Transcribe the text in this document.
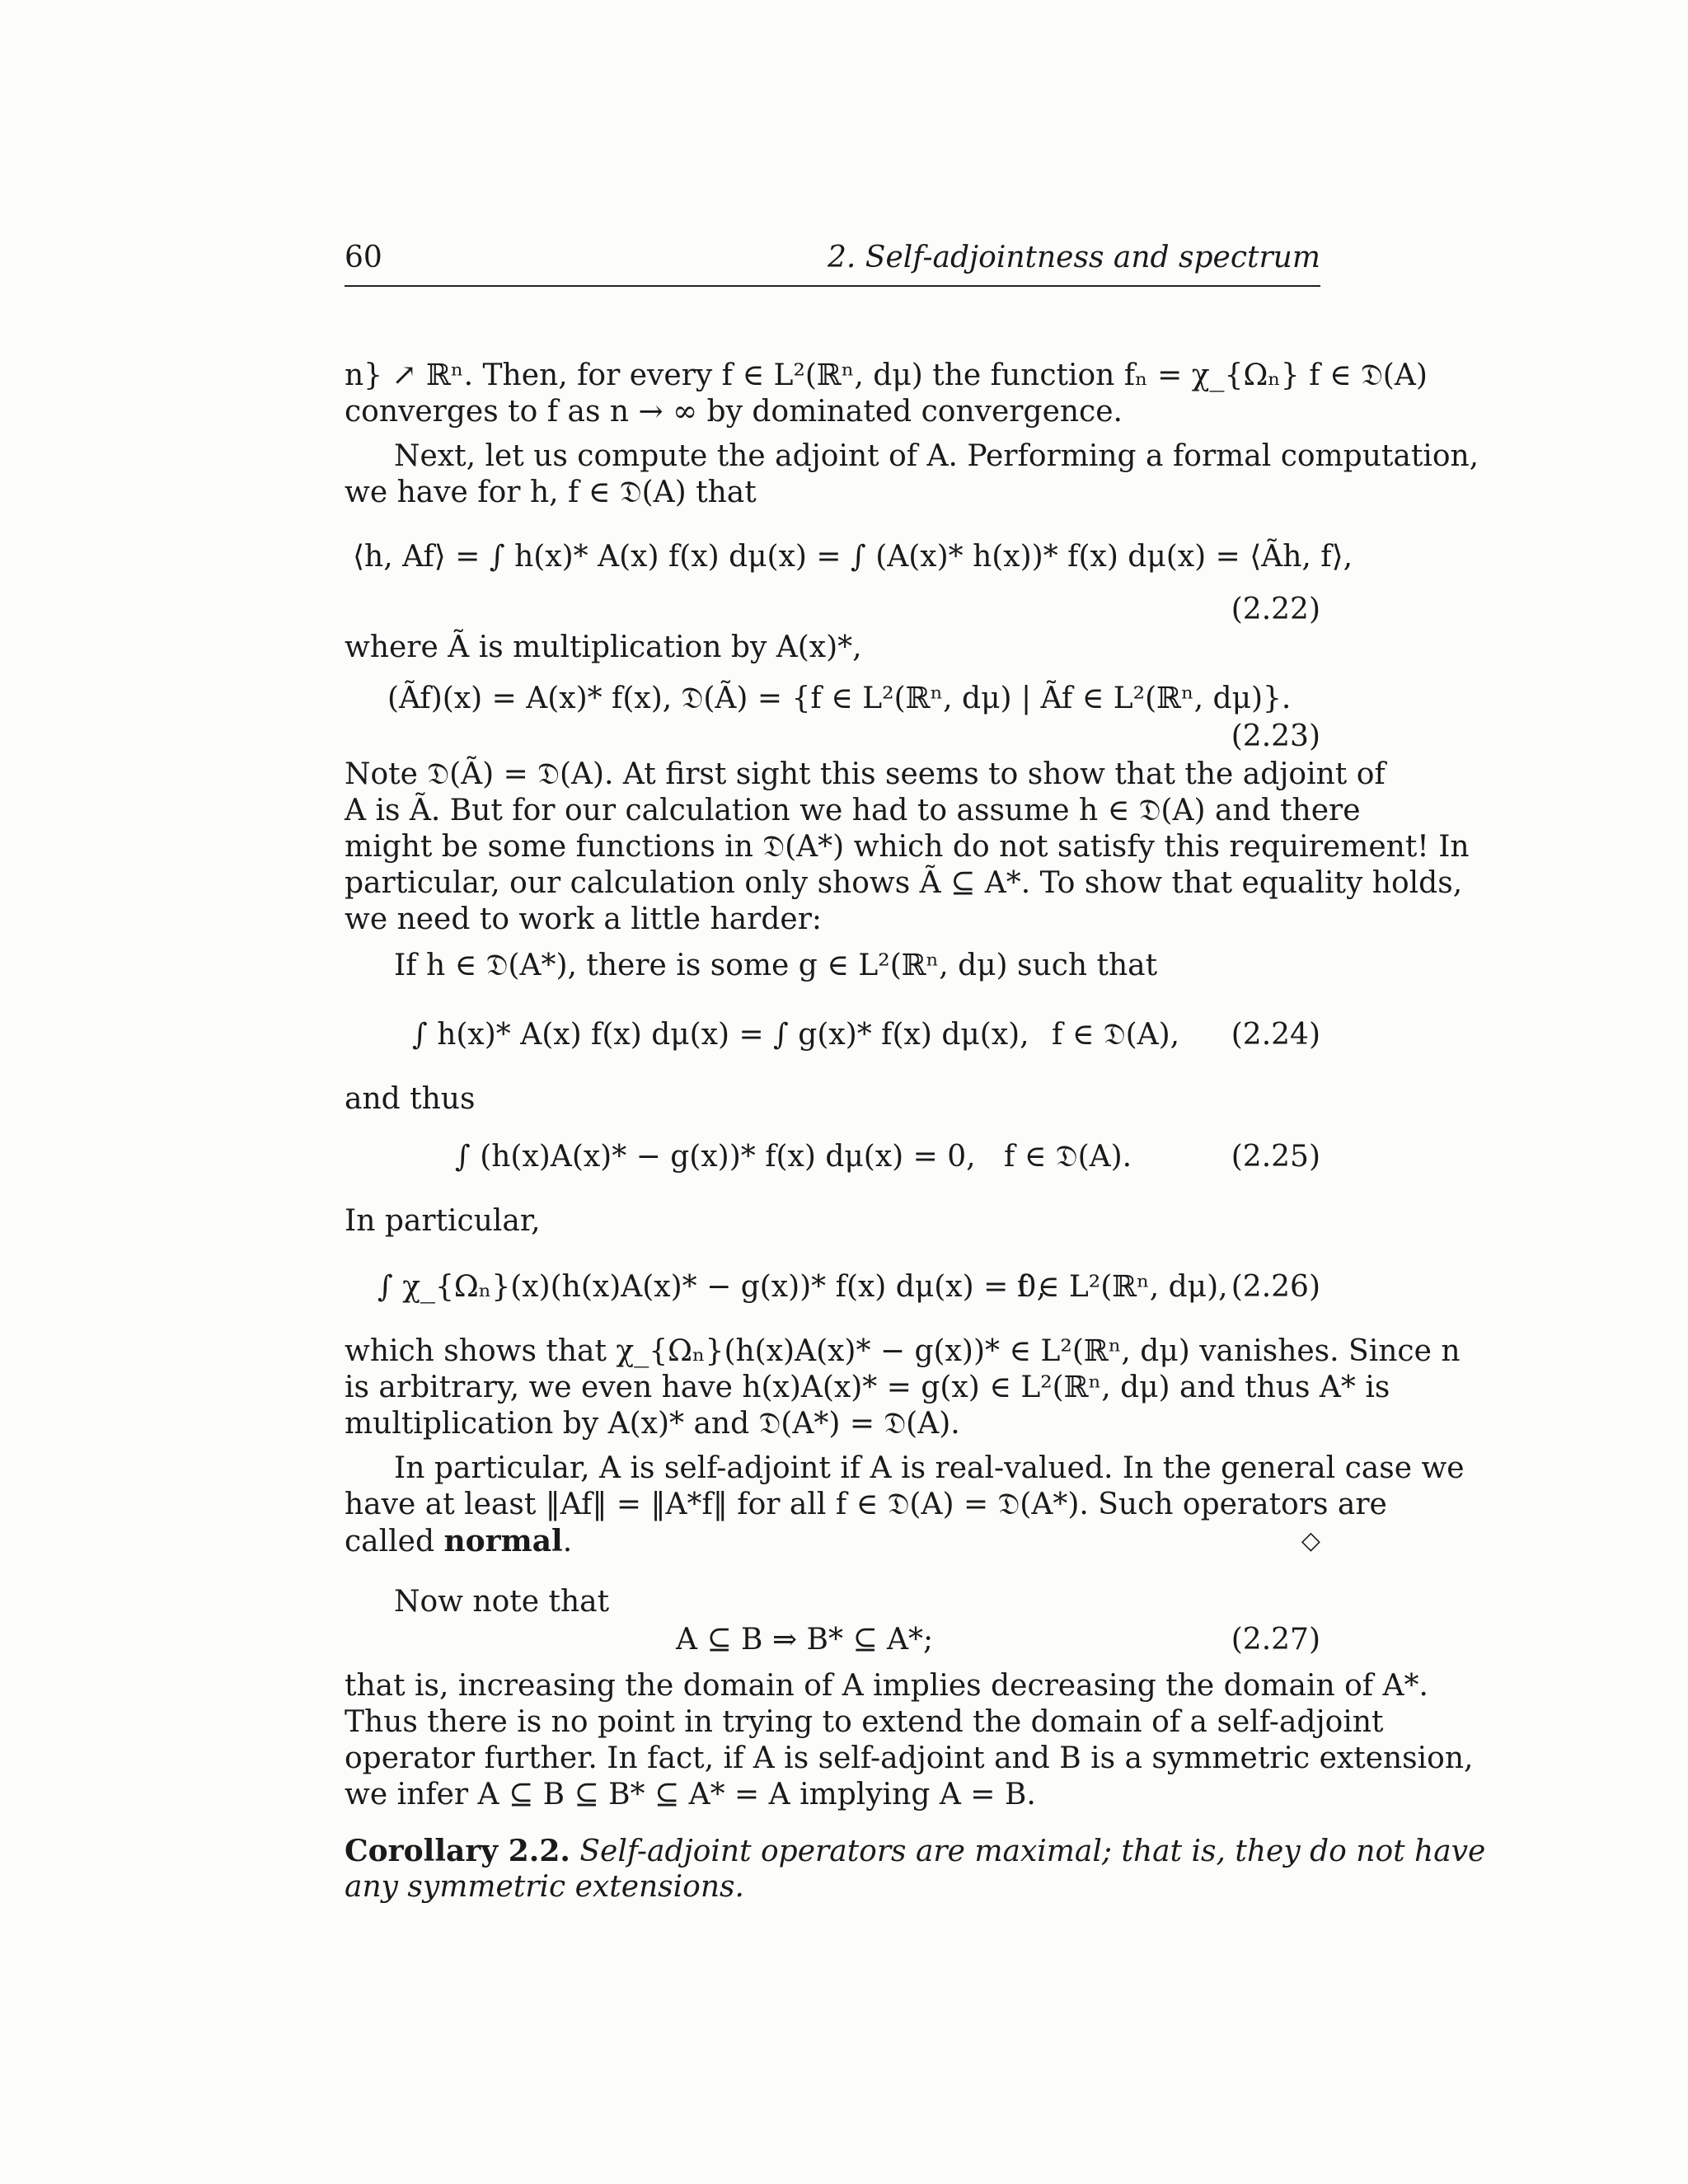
60	2. Self-adjointness and spectrum
n} ↗ ℝⁿ. Then, for every f ∈ L²(ℝⁿ, dμ) the function fₙ = χ_{Ωₙ} f ∈ 𝔇(A)
converges to f as n → ∞ by dominated convergence.
Next, let us compute the adjoint of A. Performing a formal computation,
we have for h, f ∈ 𝔇(A) that
⟨h, Af⟩ = ∫ h(x)* A(x) f(x) dμ(x) = ∫ (A(x)* h(x))* f(x) dμ(x) = ⟨Ãh, f⟩,
(2.22)
where Ã is multiplication by A(x)*,
(Ãf)(x) = A(x)* f(x), 𝔇(Ã) = {f ∈ L²(ℝⁿ, dμ) | Ãf ∈ L²(ℝⁿ, dμ)}.
(2.23)
Note 𝔇(Ã) = 𝔇(A). At first sight this seems to show that the adjoint of
A is Ã. But for our calculation we had to assume h ∈ 𝔇(A) and there
might be some functions in 𝔇(A*) which do not satisfy this requirement! In
particular, our calculation only shows Ã ⊆ A*. To show that equality holds,
we need to work a little harder:
If h ∈ 𝔇(A*), there is some g ∈ L²(ℝⁿ, dμ) such that
∫ h(x)* A(x) f(x) dμ(x) = ∫ g(x)* f(x) dμ(x), f ∈ 𝔇(A), (2.24)
and thus
∫ (h(x)A(x)* − g(x))* f(x) dμ(x) = 0, f ∈ 𝔇(A).	(2.25)
In particular,
∫ χ_{Ωₙ}(x)(h(x)A(x)* − g(x))* f(x) dμ(x) = 0,
f ∈ L²(ℝⁿ, dμ), (2.26)
which shows that χ_{Ωₙ}(h(x)A(x)* − g(x))* ∈ L²(ℝⁿ, dμ) vanishes. Since n
is arbitrary, we even have h(x)A(x)* = g(x) ∈ L²(ℝⁿ, dμ) and thus A* is
multiplication by A(x)* and 𝔇(A*) = 𝔇(A).
In particular, A is self-adjoint if A is real-valued. In the general case we
have at least ‖Af‖ = ‖A*f‖ for all f ∈ 𝔇(A) = 𝔇(A*). Such operators are
called normal.	◇
Now note that
A ⊆ B ⇒ B* ⊆ A*;	(2.27)
that is, increasing the domain of A implies decreasing the domain of A*.
Thus there is no point in trying to extend the domain of a self-adjoint
operator further. In fact, if A is self-adjoint and B is a symmetric extension,
we infer A ⊆ B ⊆ B* ⊆ A* = A implying A = B.
Corollary 2.2. Self-adjoint operators are maximal; that is, they do not have
any symmetric extensions.
